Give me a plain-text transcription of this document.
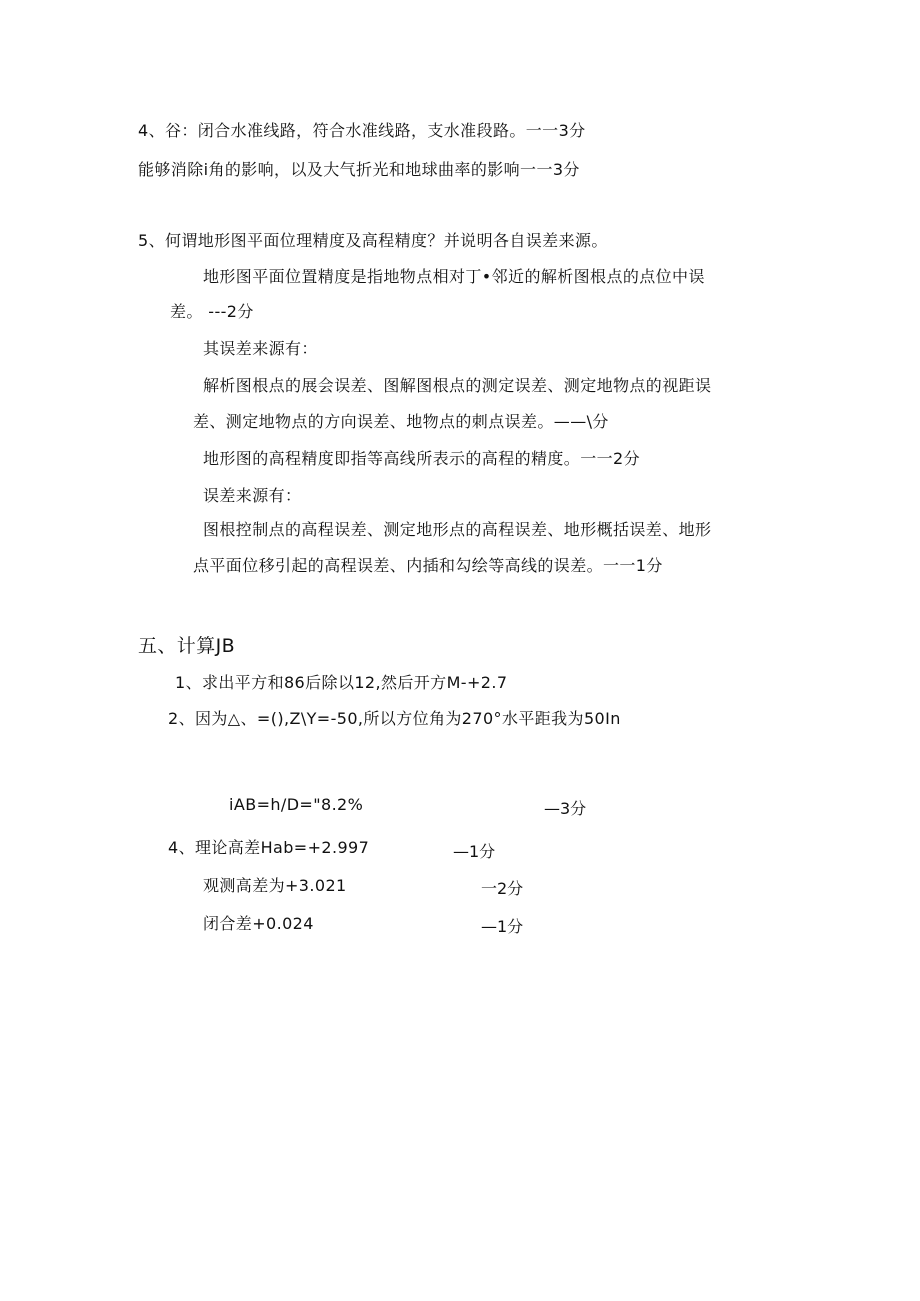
4、谷：闭合水准线路，符合水准线路，支水准段路。一一3分
能够消除i角的影响，以及大气折光和地球曲率的影响一一3分
5、何谓地形图平面位理精度及高程精度？并说明各自误差来源。
地形图平面位置精度是指地物点相对丁•邻近的解析图根点的点位中误
差。 ---2分
其误差来源有：
解析图根点的展会误差、图解图根点的测定误差、测定地物点的视距误
差、测定地物点的方向误差、地物点的刺点误差。——\分
地形图的高程精度即指等高线所表示的高程的精度。一一2分
误差来源有：
图根控制点的高程误差、测定地形点的高程误差、地形概括误差、地形
点平面位移引起的高程误差、内插和勾绘等高线的误差。一一1分
五、计算JB
1、求出平方和86后除以12,然后开方M-+2.7
2、因为△、=(),Z\Y=-50,所以方位角为270°水平距我为50In
iAB=h/D="8.2%	—3分
4、理论高差Hab=+2.997	—1分
观测高差为+3.021	一2分
闭合差+0.024	—1分
